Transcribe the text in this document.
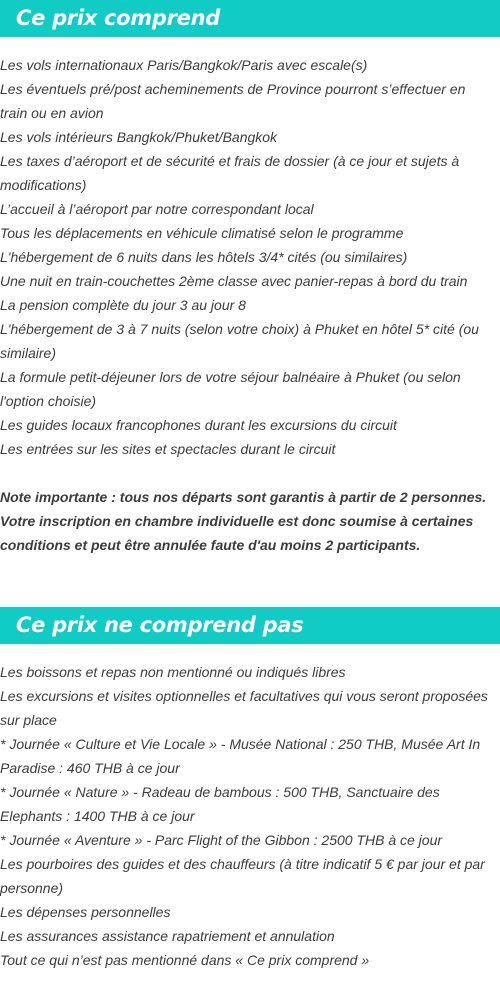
Ce prix comprend
Les vols internationaux Paris/Bangkok/Paris avec escale(s)
Les éventuels pré/post acheminements de Province pourront s’effectuer en train ou en avion
Les vols intérieurs Bangkok/Phuket/Bangkok
Les taxes d’aéroport et de sécurité et frais de dossier (à ce jour et sujets à modifications)
L’accueil à l’aéroport par notre correspondant local
Tous les déplacements en véhicule climatisé selon le programme
L'hébergement de 6 nuits dans les hôtels 3/4* cités (ou similaires)
Une nuit en train-couchettes 2ème classe avec panier-repas à bord du train
La pension complète du jour 3 au jour 8
L'hébergement de 3 à 7 nuits (selon votre choix) à Phuket en hôtel 5* cité (ou similaire)
La formule petit-déjeuner lors de votre séjour balnéaire à Phuket (ou selon l'option choisie)
Les guides locaux francophones durant les excursions du circuit
Les entrées sur les sites et spectacles durant le circuit
Note importante : tous nos départs sont garantis à partir de 2 personnes. Votre inscription en chambre individuelle est donc soumise à certaines conditions et peut être annulée faute d'au moins 2 participants.
Ce prix ne comprend pas
Les boissons et repas non mentionné ou indiqués libres
Les excursions et visites optionnelles et facultatives qui vous seront proposées sur place
* Journée « Culture et Vie Locale » - Musée National : 250 THB, Musée Art In Paradise : 460 THB à ce jour
* Journée « Nature » - Radeau de bambous : 500 THB, Sanctuaire des Elephants : 1400 THB à ce jour
* Journée « Aventure » - Parc Flight of the Gibbon : 2500 THB à ce jour
Les pourboires des guides et des chauffeurs (à titre indicatif 5 € par jour et par personne)
Les dépenses personnelles
Les assurances assistance rapatriement et annulation
Tout ce qui n’est pas mentionné dans « Ce prix comprend »
